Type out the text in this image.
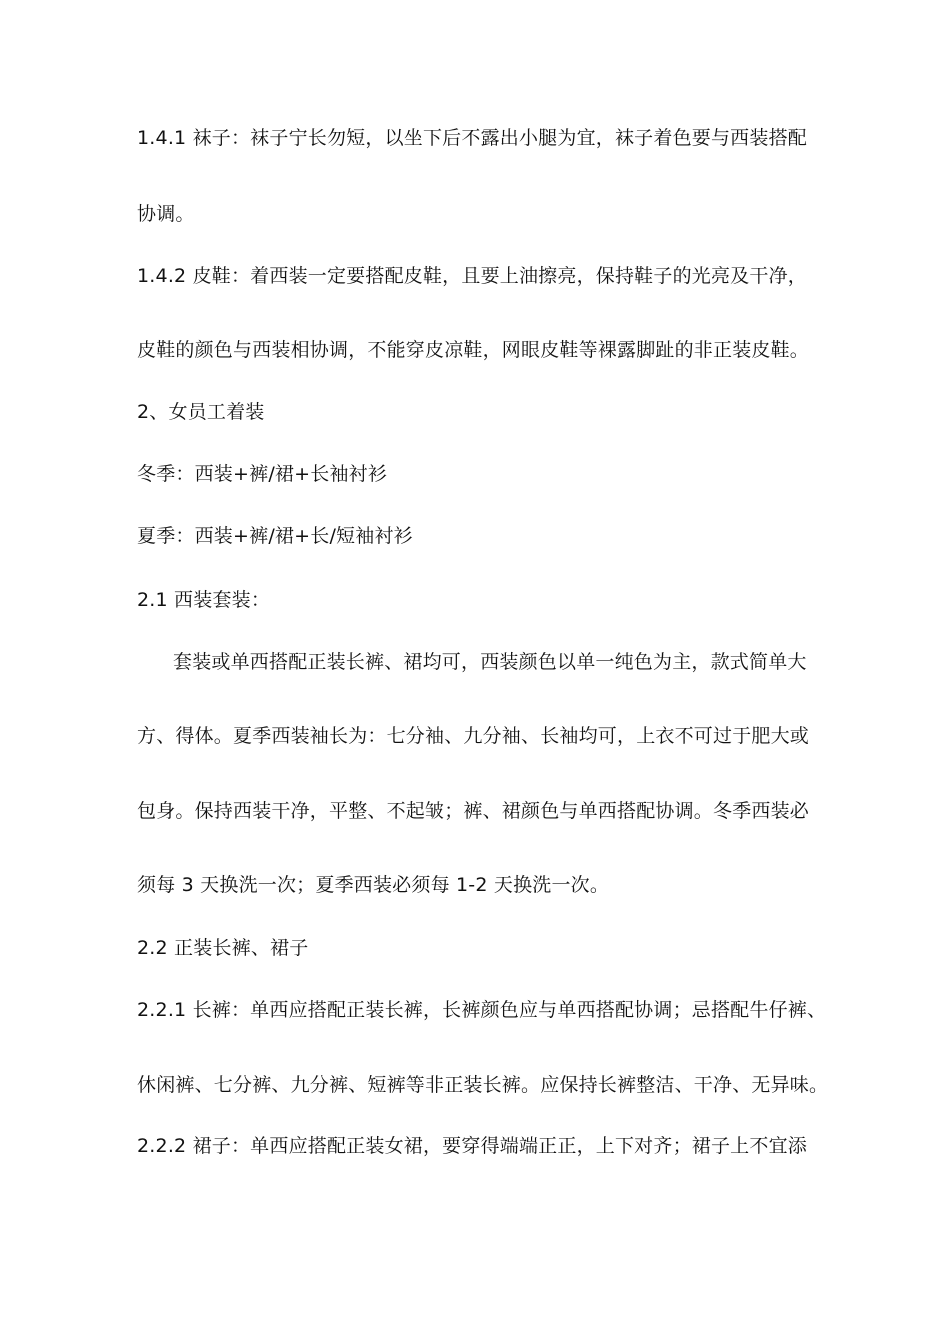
1.4.1 袜子：袜子宁长勿短，以坐下后不露出小腿为宜，袜子着色要与西装搭配
协调。
1.4.2 皮鞋：着西装一定要搭配皮鞋，且要上油擦亮，保持鞋子的光亮及干净，
皮鞋的颜色与西装相协调，不能穿皮凉鞋，网眼皮鞋等裸露脚趾的非正装皮鞋。
2、女员工着装
冬季：西装+裤/裙+长袖衬衫
夏季：西装+裤/裙+长/短袖衬衫
2.1 西装套装：
套装或单西搭配正装长裤、裙均可，西装颜色以单一纯色为主，款式简单大
方、得体。夏季西装袖长为：七分袖、九分袖、长袖均可，上衣不可过于肥大或
包身。保持西装干净，平整、不起皱；裤、裙颜色与单西搭配协调。冬季西装必
须每 3 天换洗一次；夏季西装必须每 1-2 天换洗一次。
2.2 正装长裤、裙子
2.2.1 长裤：单西应搭配正装长裤，长裤颜色应与单西搭配协调；忌搭配牛仔裤、
休闲裤、七分裤、九分裤、短裤等非正装长裤。应保持长裤整洁、干净、无异味。
2.2.2 裙子：单西应搭配正装女裙，要穿得端端正正，上下对齐；裙子上不宜添
